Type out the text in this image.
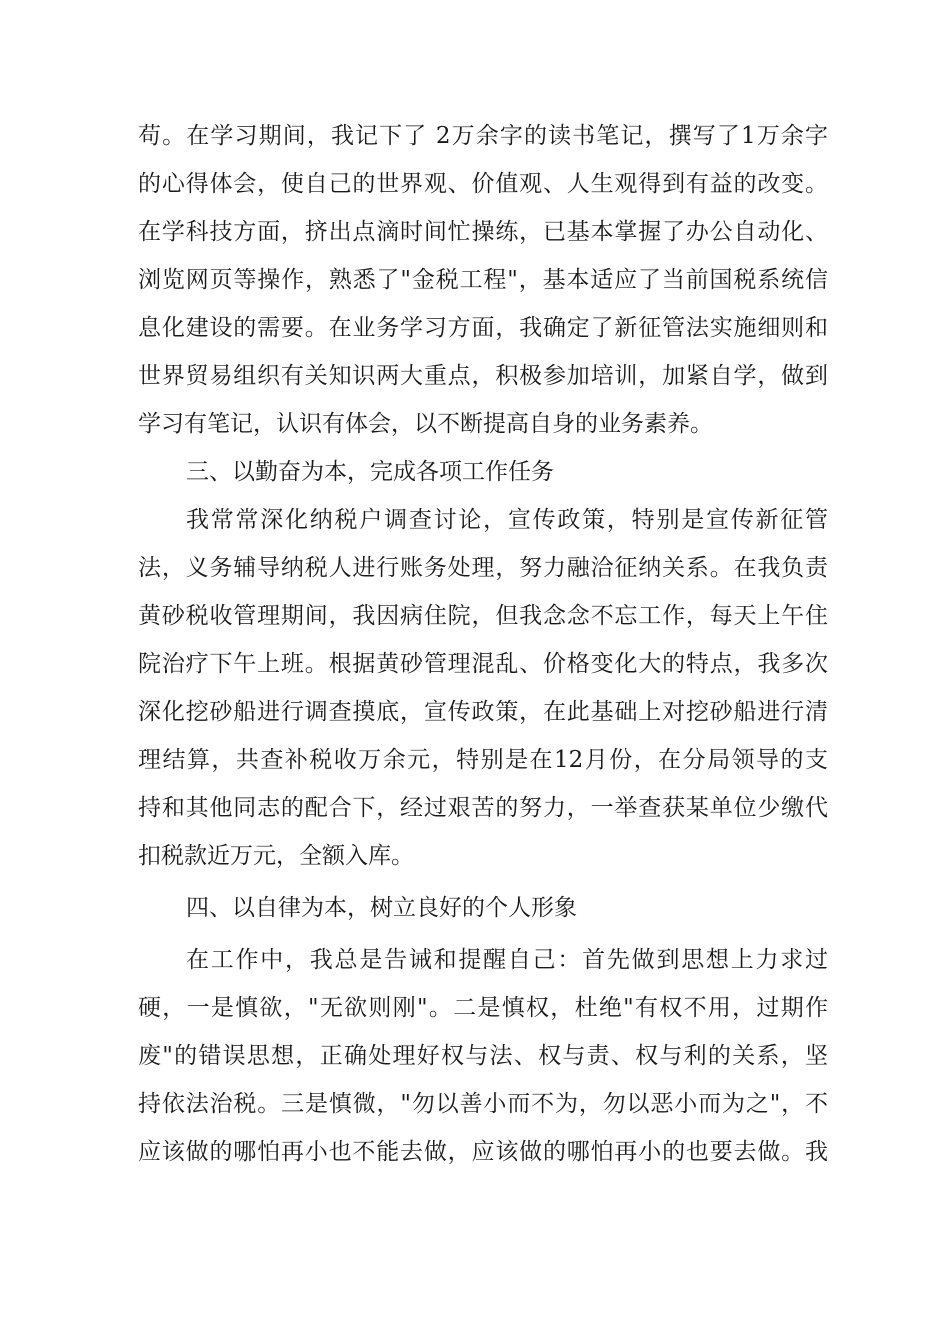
苟。在学习期间，我记下了 2万余字的读书笔记，撰写了1万余字
的心得体会，使自己的世界观、价值观、人生观得到有益的改变。
在学科技方面，挤出点滴时间忙操练，已基本掌握了办公自动化、
浏览网页等操作，熟悉了"金税工程"，基本适应了当前国税系统信
息化建设的需要。在业务学习方面，我确定了新征管法实施细则和
世界贸易组织有关知识两大重点，积极参加培训，加紧自学，做到
学习有笔记，认识有体会，以不断提高自身的业务素养。
三、以勤奋为本，完成各项工作任务
我常常深化纳税户调查讨论，宣传政策，特别是宣传新征管
法，义务辅导纳税人进行账务处理，努力融洽征纳关系。在我负责
黄砂税收管理期间，我因病住院，但我念念不忘工作，每天上午住
院治疗下午上班。根据黄砂管理混乱、价格变化大的特点，我多次
深化挖砂船进行调查摸底，宣传政策，在此基础上对挖砂船进行清
理结算，共查补税收万余元，特别是在12月份，在分局领导的支
持和其他同志的配合下，经过艰苦的努力，一举查获某单位少缴代
扣税款近万元，全额入库。
四、以自律为本，树立良好的个人形象
在工作中，我总是告诫和提醒自己：首先做到思想上力求过
硬，一是慎欲，"无欲则刚"。二是慎权，杜绝"有权不用，过期作
废"的错误思想，正确处理好权与法、权与责、权与利的关系，坚
持依法治税。三是慎微，"勿以善小而不为，勿以恶小而为之"，不
应该做的哪怕再小也不能去做，应该做的哪怕再小的也要去做。我
